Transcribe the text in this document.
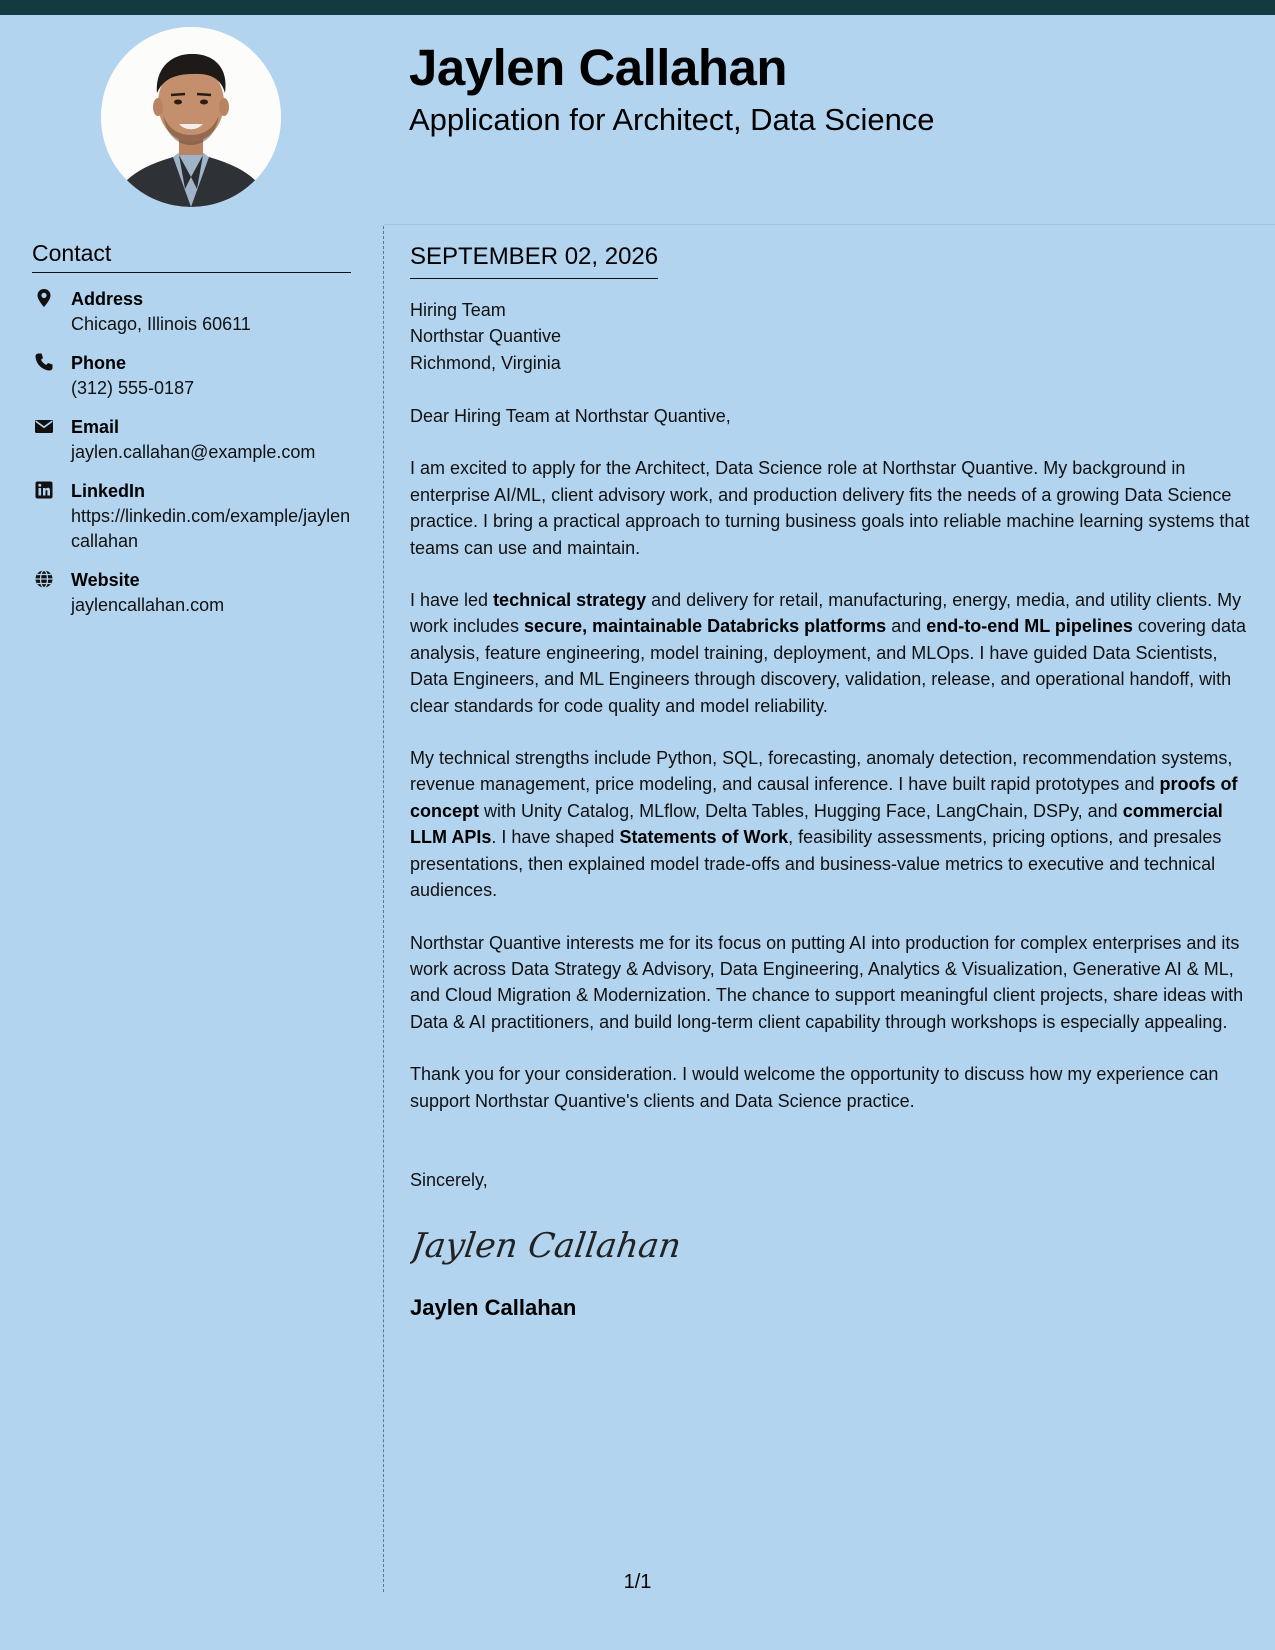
Jaylen Callahan
Application for Architect, Data Science
Contact
Address
Chicago, Illinois 60611
Phone
(312) 555-0187
Email
jaylen.callahan@example.com
LinkedIn
https://linkedin.com/example/jaylencallahan
Website
jaylencallahan.com
SEPTEMBER 02, 2026
Hiring Team
Northstar Quantive
Richmond, Virginia
Dear Hiring Team at Northstar Quantive,

I am excited to apply for the Architect, Data Science role at Northstar Quantive. My background in enterprise AI/ML, client advisory work, and production delivery fits the needs of a growing Data Science practice. I bring a practical approach to turning business goals into reliable machine learning systems that teams can use and maintain.

I have led technical strategy and delivery for retail, manufacturing, energy, media, and utility clients. My work includes secure, maintainable Databricks platforms and end-to-end ML pipelines covering data analysis, feature engineering, model training, deployment, and MLOps. I have guided Data Scientists, Data Engineers, and ML Engineers through discovery, validation, release, and operational handoff, with clear standards for code quality and model reliability.

My technical strengths include Python, SQL, forecasting, anomaly detection, recommendation systems, revenue management, price modeling, and causal inference. I have built rapid prototypes and proofs of concept with Unity Catalog, MLflow, Delta Tables, Hugging Face, LangChain, DSPy, and commercial LLM APIs. I have shaped Statements of Work, feasibility assessments, pricing options, and presales presentations, then explained model trade-offs and business-value metrics to executive and technical audiences.

Northstar Quantive interests me for its focus on putting AI into production for complex enterprises and its work across Data Strategy & Advisory, Data Engineering, Analytics & Visualization, Generative AI & ML, and Cloud Migration & Modernization. The chance to support meaningful client projects, share ideas with Data & AI practitioners, and build long-term client capability through workshops is especially appealing.

Thank you for your consideration. I would welcome the opportunity to discuss how my experience can support Northstar Quantive's clients and Data Science practice.

Sincerely,
Jaylen Callahan
Jaylen Callahan
1/1
